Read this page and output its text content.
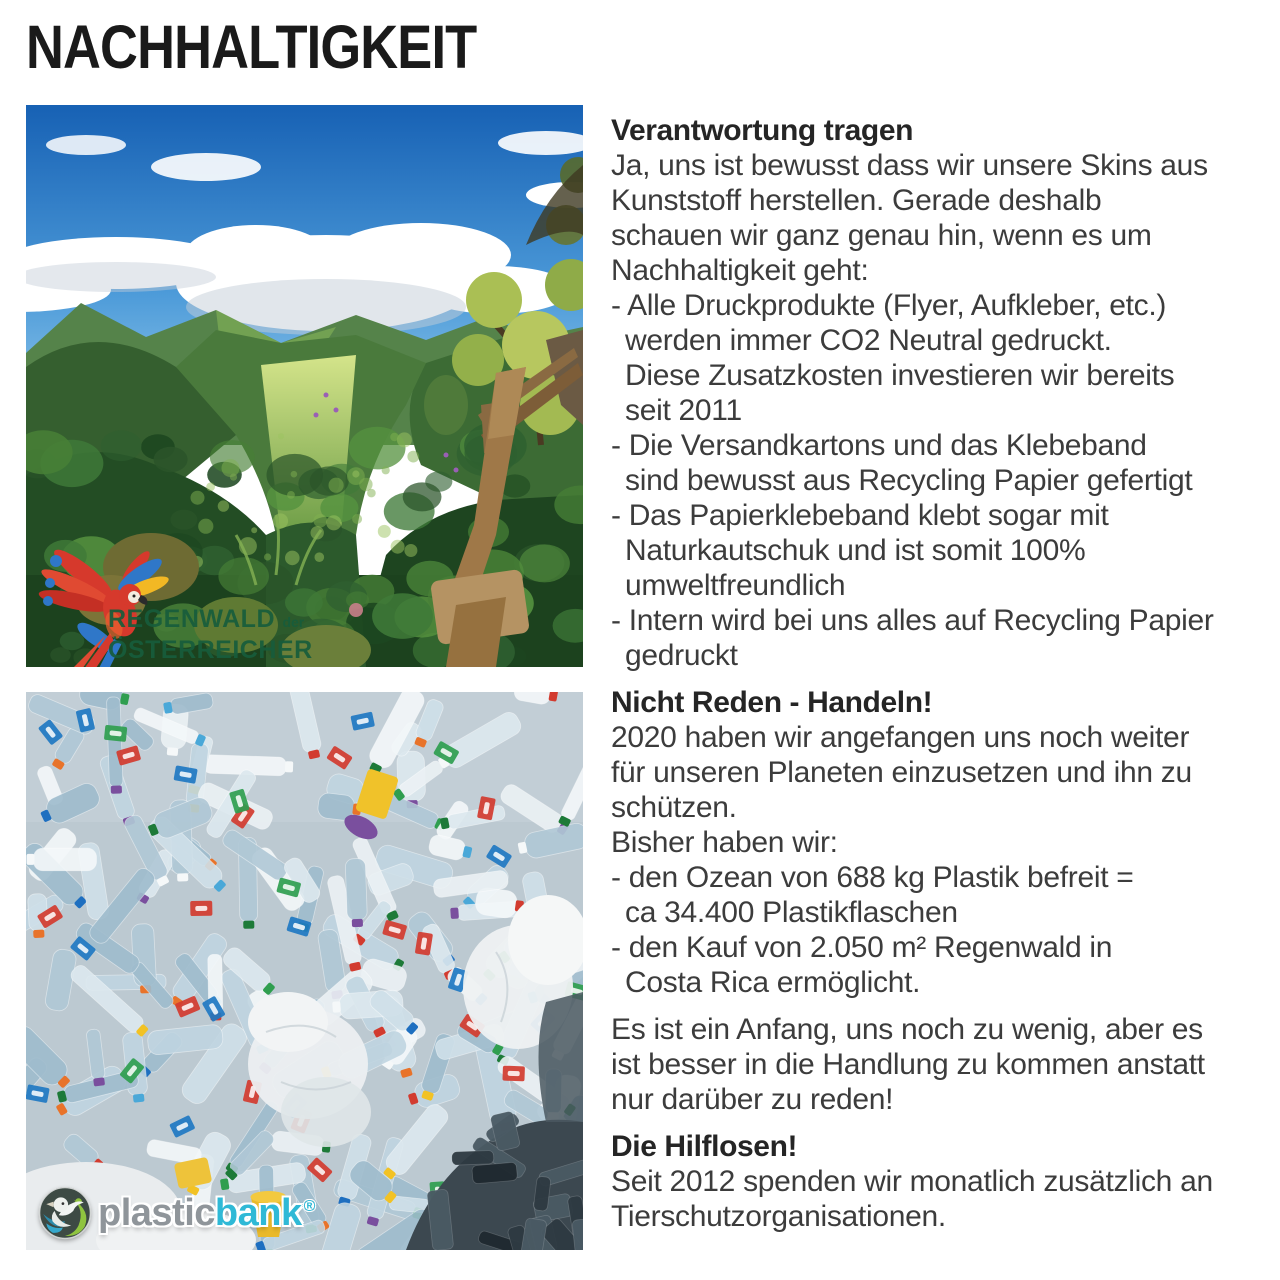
NACHHALTIGKEIT
REGENWALD der
ÖSTERREICHER
plasticbank ®
Verantwortung tragen
Ja, uns ist bewusst dass wir unsere Skins aus
Kunststoff herstellen. Gerade deshalb
schauen wir ganz genau hin, wenn es um
Nachhaltigkeit geht:
- Alle Druckprodukte (Flyer, Aufkleber, etc.)
werden immer CO2 Neutral gedruckt.
Diese Zusatzkosten investieren wir bereits
seit 2011
- Die Versandkartons und das Klebeband
sind bewusst aus Recycling Papier gefertigt
- Das Papierklebeband klebt sogar mit
Naturkautschuk und ist somit 100%
umweltfreundlich
- Intern wird bei uns alles auf Recycling Papier
gedruckt
Nicht Reden - Handeln!
2020 haben wir angefangen uns noch weiter
für unseren Planeten einzusetzen und ihn zu
schützen.
Bisher haben wir:
- den Ozean von 688 kg Plastik befreit =
ca 34.400 Plastikflaschen
- den Kauf von 2.050 m² Regenwald in
Costa Rica ermöglicht.
Es ist ein Anfang, uns noch zu wenig, aber es
ist besser in die Handlung zu kommen anstatt
nur darüber zu reden!
Die Hilflosen!
Seit 2012 spenden wir monatlich zusätzlich an
Tierschutzorganisationen.
